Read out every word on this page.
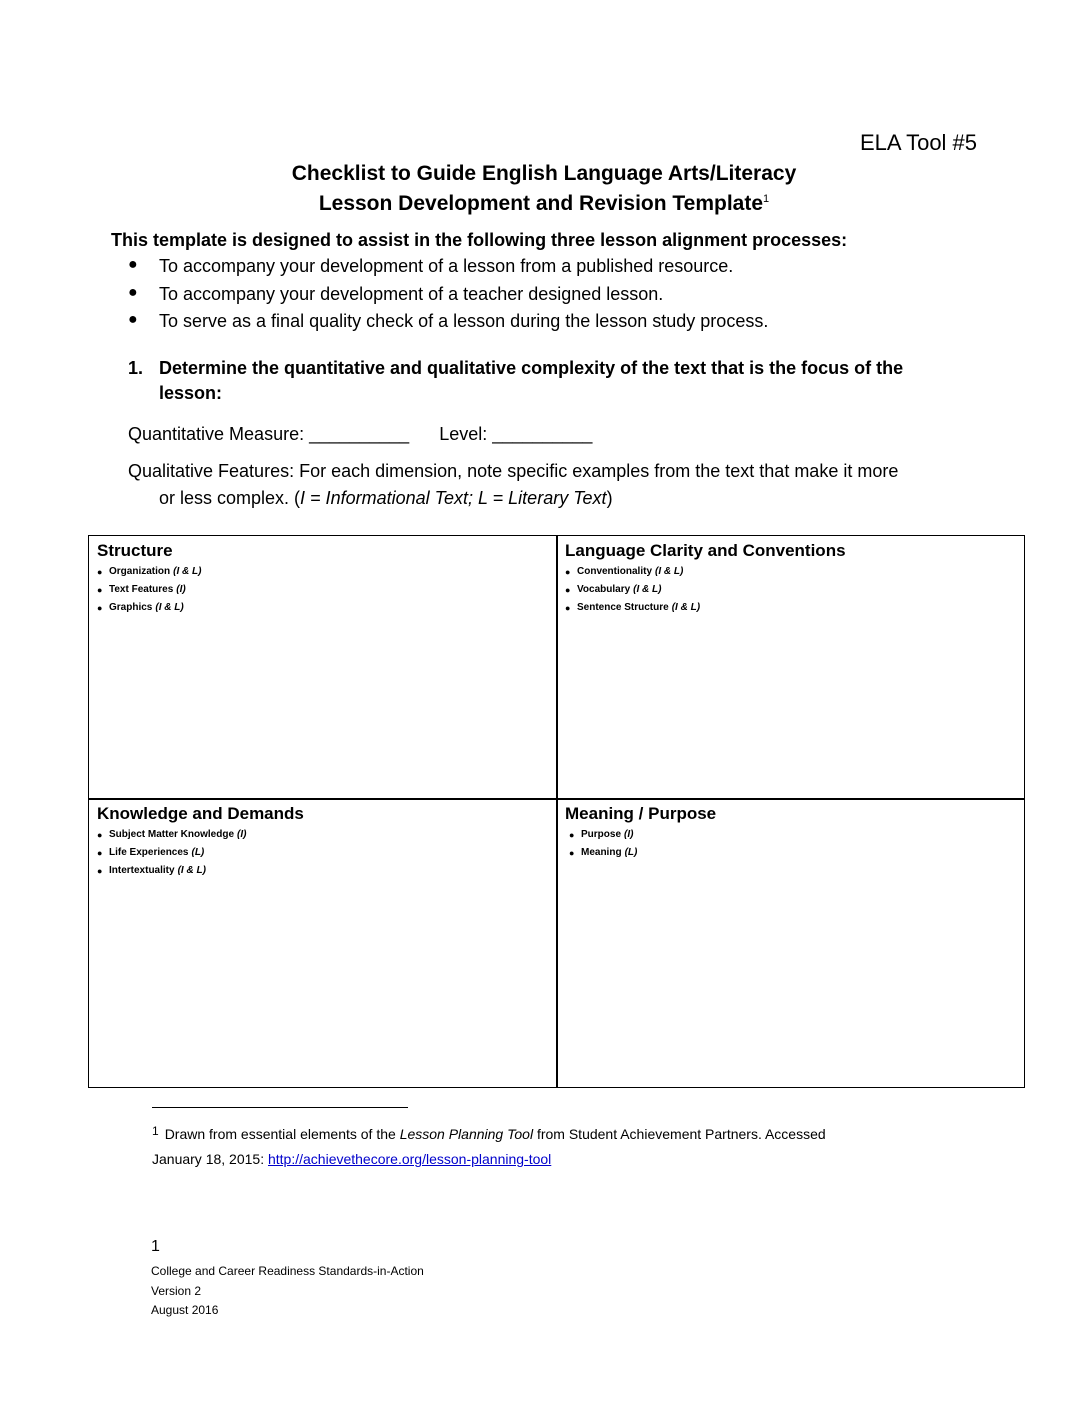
ELA Tool #5
Checklist to Guide English Language Arts/Literacy
Lesson Development and Revision Template$^1$
This template is designed to assist in the following three lesson alignment processes:
●	To accompany your development of a lesson from a published resource.
●	To accompany your development of a teacher designed lesson.
●	To serve as a final quality check of a lesson during the lesson study process.
1. Determine the quantitative and qualitative complexity of the text that is the focus of the lesson:
Quantitative Measure: __________      Level: __________
Qualitative Features: For each dimension, note specific examples from the text that make it more
or less complex. (I = Informational Text; L = Literary Text)
Structure
● Organization (I & L)
● Text Features (I)
● Graphics (I & L)
Language Clarity and Conventions
● Conventionality (I & L)
● Vocabulary (I & L)
● Sentence Structure (I & L)
Knowledge and Demands
● Subject Matter Knowledge (I)
● Life Experiences (L)
● Intertextuality (I & L)
Meaning / Purpose
● Purpose (I)
● Meaning (L)
$^1$ Drawn from essential elements of the Lesson Planning Tool from Student Achievement Partners. Accessed
January 18, 2015: http://achievethecore.org/lesson-planning-tool
1
College and Career Readiness Standards-in-Action
Version 2
August 2016
